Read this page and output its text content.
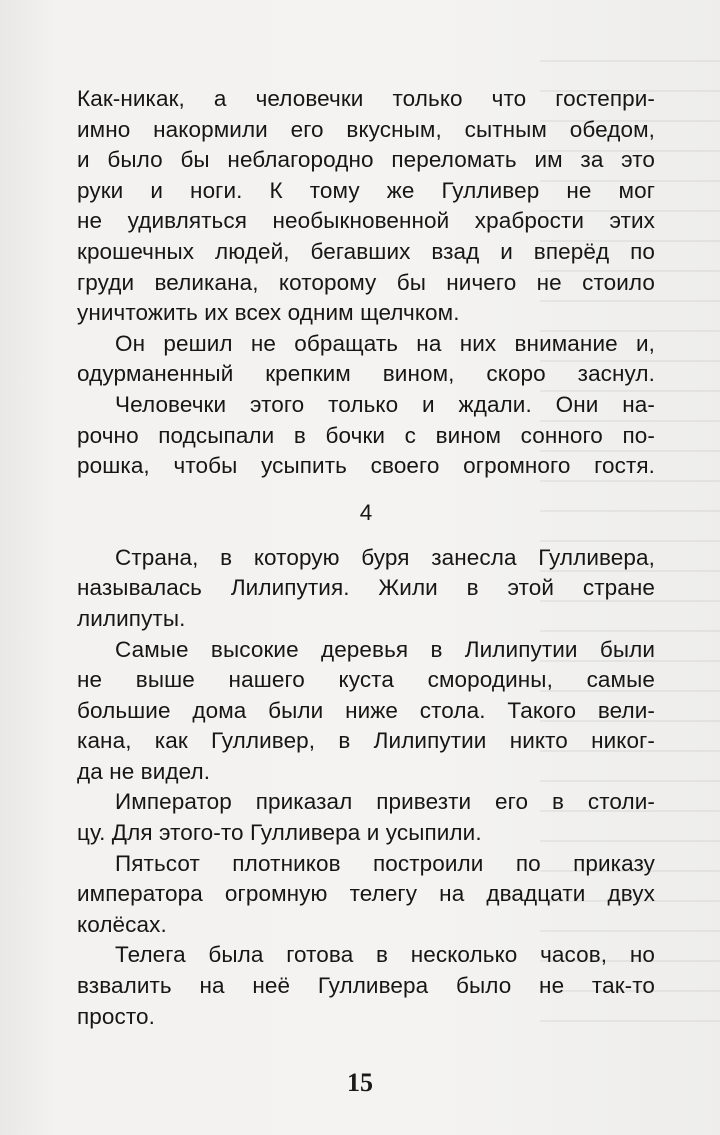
Как-никак, а человечки только что гостепри-
имно накормили его вкусным, сытным обедом,
и было бы неблагородно переломать им за это
руки и ноги. К тому же Гулливер не мог
не удивляться необыкновенной храбрости этих
крошечных людей, бегавших взад и вперёд по
груди великана, которому бы ничего не стоило
уничтожить их всех одним щелчком.
Он решил не обращать на них внимание и,
одурманенный крепким вином, скоро заснул.
Человечки этого только и ждали. Они на-
рочно подсыпали в бочки с вином сонного по-
рошка, чтобы усыпить своего огромного гостя.
4
Страна, в которую буря занесла Гулливера,
называлась Лилипутия. Жили в этой стране
лилипуты.
Самые высокие деревья в Лилипутии были
не выше нашего куста смородины, самые
большие дома были ниже стола. Такого вели-
кана, как Гулливер, в Лилипутии никто никог-
да не видел.
Император приказал привезти его в столи-
цу. Для этого-то Гулливера и усыпили.
Пятьсот плотников построили по приказу
императора огромную телегу на двадцати двух
колёсах.
Телега была готова в несколько часов, но
взвалить на неё Гулливера было не так-то
просто.
15
